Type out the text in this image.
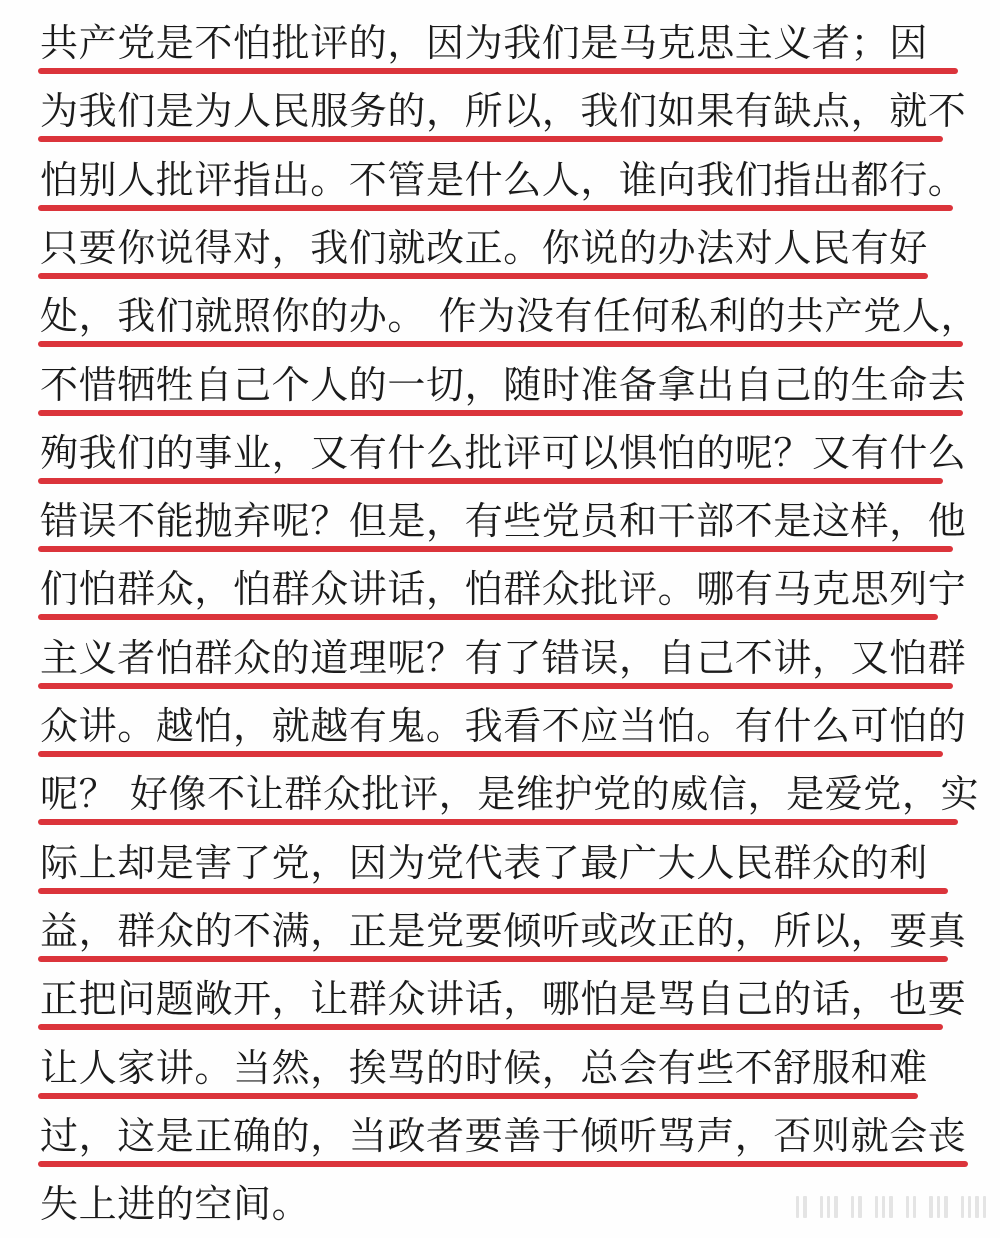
共产党是不怕批评的，因为我们是马克思主义者；因
为我们是为人民服务的，所以，我们如果有缺点，就不
怕别人批评指出。不管是什么人，谁向我们指出都行。
只要你说得对，我们就改正。你说的办法对人民有好
处，我们就照你的办。 作为没有任何私利的共产党人，
不惜牺牲自己个人的一切，随时准备拿出自己的生命去
殉我们的事业，又有什么批评可以惧怕的呢？又有什么
错误不能抛弃呢？但是，有些党员和干部不是这样，他
们怕群众，怕群众讲话，怕群众批评。哪有马克思列宁
主义者怕群众的道理呢？有了错误，自己不讲，又怕群
众讲。越怕，就越有鬼。我看不应当怕。有什么可怕的
呢？ 好像不让群众批评，是维护党的威信，是爱党，实
际上却是害了党，因为党代表了最广大人民群众的利
益，群众的不满，正是党要倾听或改正的，所以，要真
正把问题敞开，让群众讲话，哪怕是骂自己的话，也要
让人家讲。当然，挨骂的时候，总会有些不舒服和难
过，这是正确的，当政者要善于倾听骂声，否则就会丧
失上进的空间。
